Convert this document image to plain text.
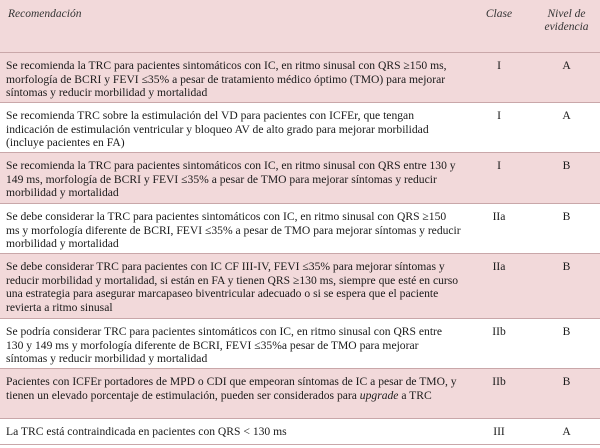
Recomendación	Clase	Nivel de
evidencia

Se recomienda la TRC para pacientes sintomáticos con IC, en ritmo sinusal con QRS ≥150 ms, morfología de BCRI y FEVI ≤35% a pesar de tratamiento médico óptimo (TMO) para mejorar síntomas y reducir morbilidad y mortalidad	I	A

Se recomienda TRC sobre la estimulación del VD para pacientes con ICFEr, que tengan indicación de estimulación ventricular y bloqueo AV de alto grado para mejorar morbilidad (incluye pacientes en FA)	I	A

Se recomienda la TRC para pacientes sintomáticos con IC, en ritmo sinusal con QRS entre 130 y 149 ms, morfología de BCRI y FEVI ≤35% a pesar de TMO para mejorar síntomas y reducir morbilidad y mortalidad	I	B

Se debe considerar la TRC para pacientes sintomáticos con IC, en ritmo sinusal con QRS ≥150 ms y morfología diferente de BCRI, FEVI ≤35% a pesar de TMO para mejorar síntomas y reducir morbilidad y mortalidad	IIa	B

Se debe considerar TRC para pacientes con IC CF III-IV, FEVI ≤35% para mejorar síntomas y reducir morbilidad y mortalidad, si están en FA y tienen QRS ≥130 ms, siempre que esté en curso una estrategia para asegurar marcapaseo biventricular adecuado o si se espera que el paciente revierta a ritmo sinusal	IIa	B

Se podría considerar TRC para pacientes sintomáticos con IC, en ritmo sinusal con QRS entre 130 y 149 ms y morfología diferente de BCRI, FEVI ≤35%a pesar de TMO para mejorar síntomas y reducir morbilidad y mortalidad	IIb	B

Pacientes con ICFEr portadores de MPD o CDI que empeoran síntomas de IC a pesar de TMO, y tienen un elevado porcentaje de estimulación, pueden ser considerados para upgrade a TRC	IIb	B

La TRC está contraindicada en pacientes con QRS < 130 ms	III	A
